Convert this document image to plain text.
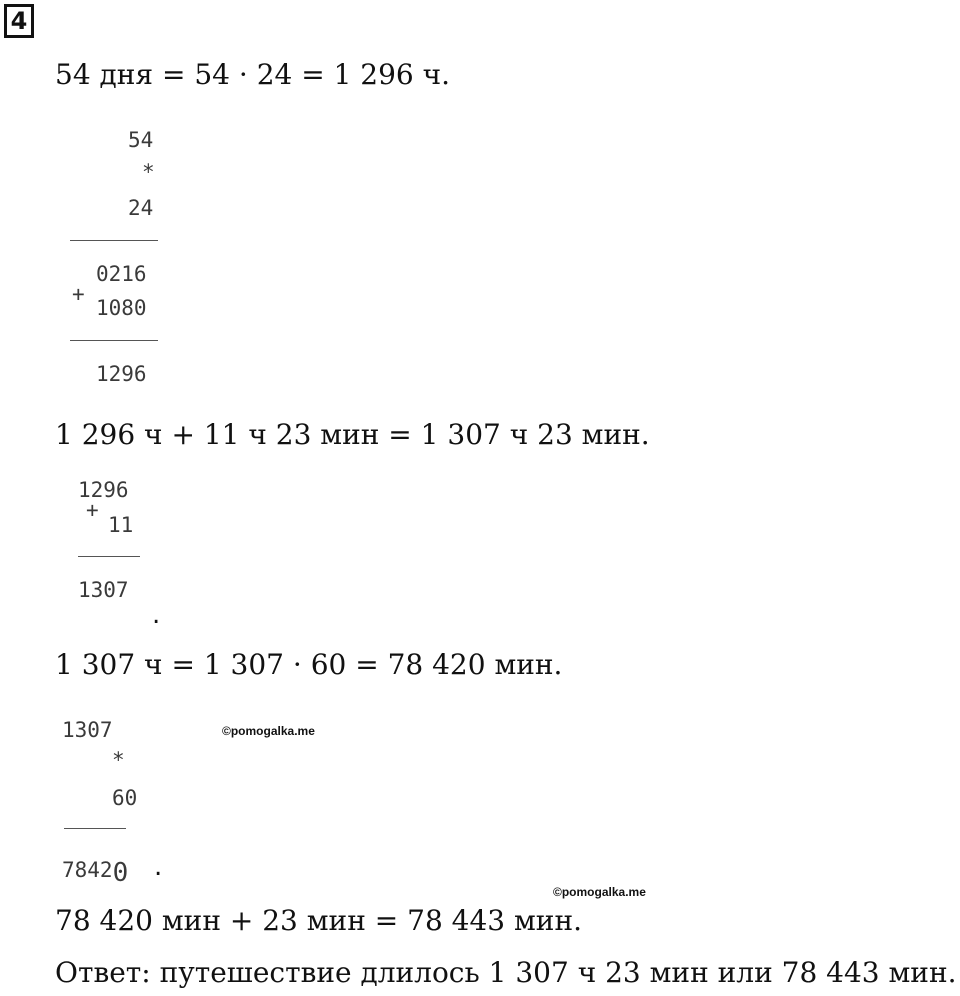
4
54 дня = 54 · 24 = 1 296 ч.
54
*
24
0216
+
1080
1296
1 296 ч + 11 ч 23 мин = 1 307 ч 23 мин.
1296
+
11
1307
.
1 307 ч = 1 307 · 60 = 78 420 мин.
1307	©pomogalka.me
*
60
78420 .
©pomogalka.me
78 420 мин + 23 мин = 78 443 мин.
Ответ: путешествие длилось 1 307 ч 23 мин или 78 443 мин.
